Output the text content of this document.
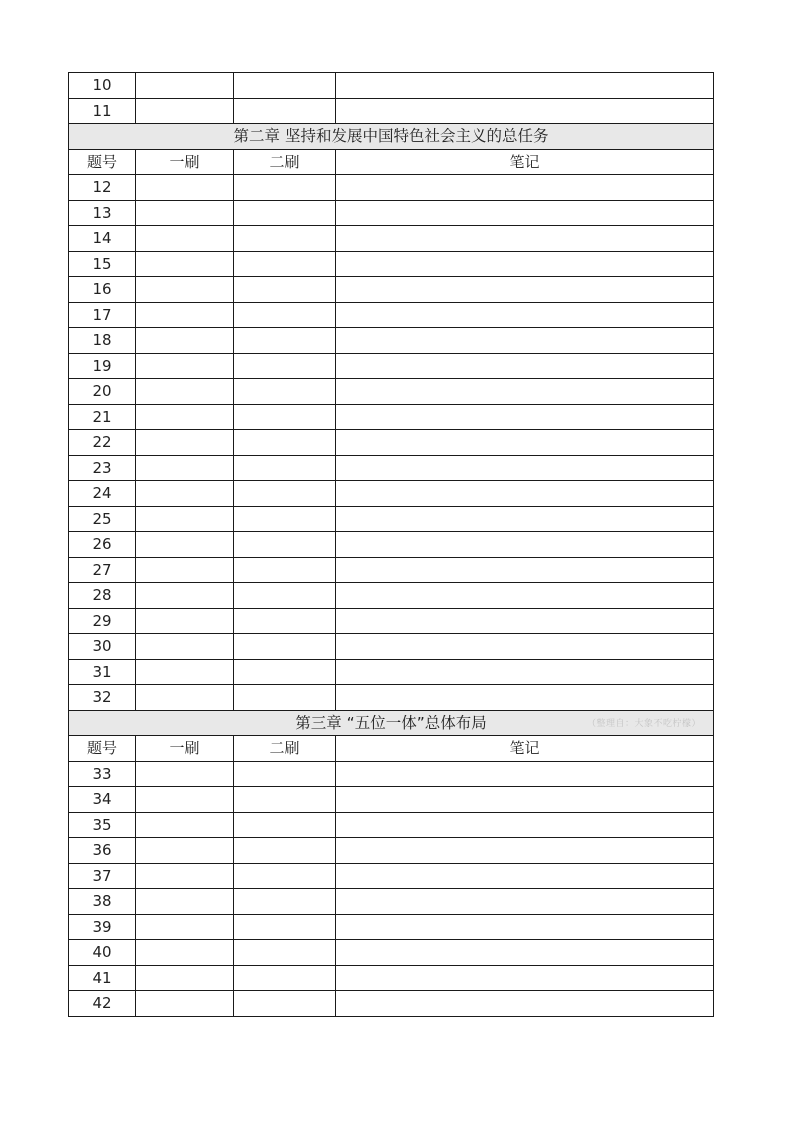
10			
11			
第二章 坚持和发展中国特色社会主义的总任务			
题号	一刷	二刷	笔记
12			
13			
14			
15			
16			
17			
18			
19			
20			
21			
22			
23			
24			
25			
26			
27			
28			
29			
30			
31			
32			
第三章 “五位一体”总体布局 （整理自：大象不吃柠檬）			

题号	一刷	二刷	笔记
33			
34			
35			
36			
37			
38			
39			
40			
41			
42			
